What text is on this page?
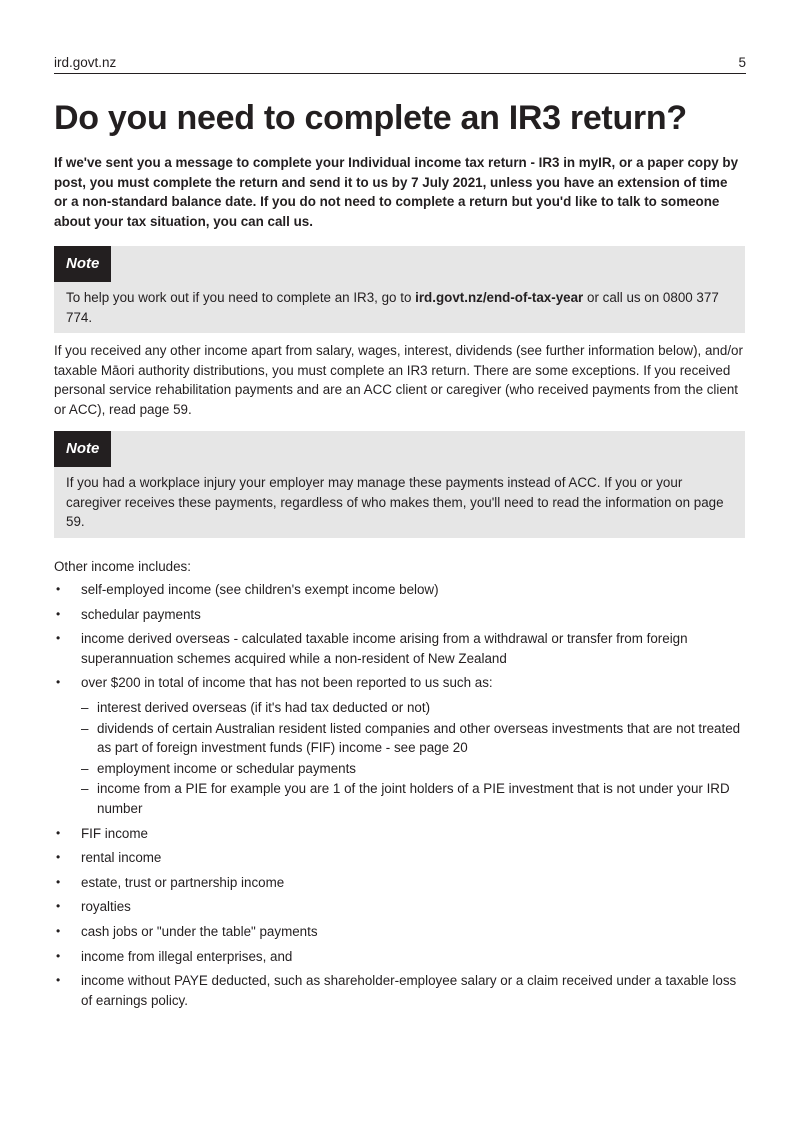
ird.govt.nz	5
Do you need to complete an IR3 return?

If we've sent you a message to complete your Individual income tax return - IR3 in myIR, or a paper copy by post, you must complete the return and send it to us by 7 July 2021, unless you have an extension of time or a non-standard balance date. If you do not need to complete a return but you'd like to talk to someone about your tax situation, you can call us.

Note

To help you work out if you need to complete an IR3, go to ird.govt.nz/end-of-tax-year or call us on 0800 377 774.

If you received any other income apart from salary, wages, interest, dividends (see further information below), and/or taxable Māori authority distributions, you must complete an IR3 return. There are some exceptions. If you received personal service rehabilitation payments and are an ACC client or caregiver (who received payments from the client or ACC), read page 59.

Note

If you had a workplace injury your employer may manage these payments instead of ACC. If you or your caregiver receives these payments, regardless of who makes them, you'll need to read the information on page 59.

Other income includes:

• self-employed income (see children's exempt income below)
• schedular payments
• income derived overseas - calculated taxable income arising from a withdrawal or transfer from foreign superannuation schemes acquired while a non-resident of New Zealand
• over $200 in total of income that has not been reported to us such as:
– interest derived overseas (if it's had tax deducted or not)
– dividends of certain Australian resident listed companies and other overseas investments that are not treated as part of foreign investment funds (FIF) income - see page 20
– employment income or schedular payments
– income from a PIE for example you are 1 of the joint holders of a PIE investment that is not under your IRD number
• FIF income
• rental income
• estate, trust or partnership income
• royalties
• cash jobs or "under the table" payments
• income from illegal enterprises, and
• income without PAYE deducted, such as shareholder-employee salary or a claim received under a taxable loss of earnings policy.
